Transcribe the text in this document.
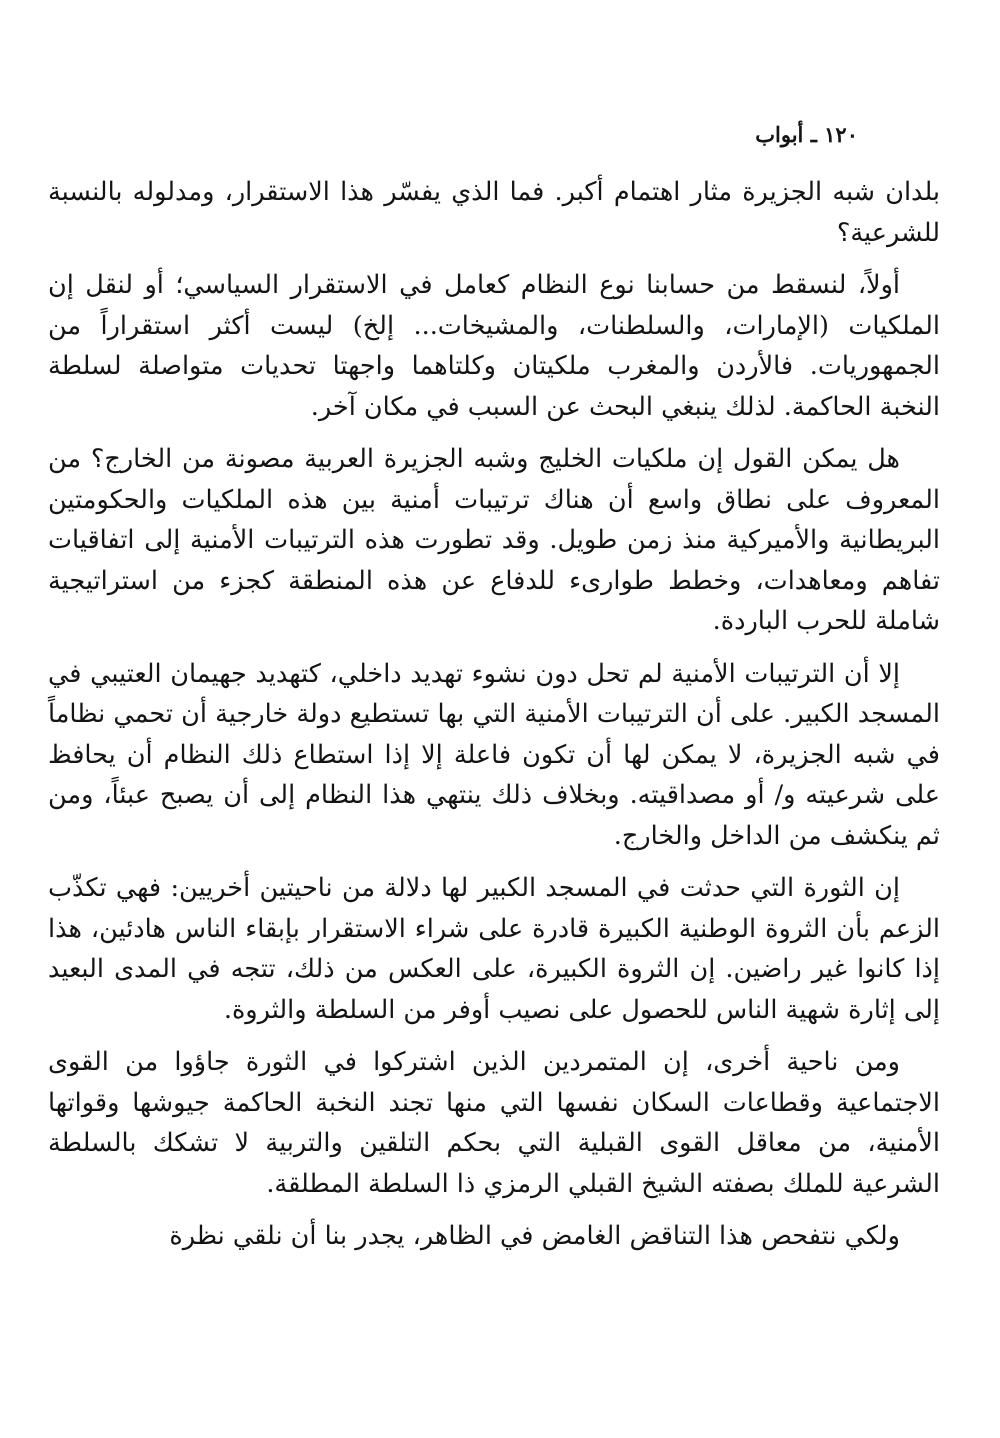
١٢٠ ـ أبواب

بلدان شبه الجزيرة مثار اهتمام أكبر. فما الذي يفسّر هذا الاستقرار، ومدلوله بالنسبة للشرعية؟

أولاً، لنسقط من حسابنا نوع النظام كعامل في الاستقرار السياسي؛ أو لنقل إن الملكيات (الإمارات، والسلطنات، والمشيخات... إلخ) ليست أكثر استقراراً من الجمهوريات. فالأردن والمغرب ملكيتان وكلتاهما واجهتا تحديات متواصلة لسلطة النخبة الحاكمة. لذلك ينبغي البحث عن السبب في مكان آخر.

هل يمكن القول إن ملكيات الخليج وشبه الجزيرة العربية مصونة من الخارج؟ من المعروف على نطاق واسع أن هناك ترتيبات أمنية بين هذه الملكيات والحكومتين البريطانية والأميركية منذ زمن طويل. وقد تطورت هذه الترتيبات الأمنية إلى اتفاقيات تفاهم ومعاهدات، وخطط طوارىء للدفاع عن هذه المنطقة كجزء من استراتيجية شاملة للحرب الباردة.

إلا أن الترتيبات الأمنية لم تحل دون نشوء تهديد داخلي، كتهديد جهيمان العتيبي في المسجد الكبير. على أن الترتيبات الأمنية التي بها تستطيع دولة خارجية أن تحمي نظاماً في شبه الجزيرة، لا يمكن لها أن تكون فاعلة إلا إذا استطاع ذلك النظام أن يحافظ على شرعيته و/ أو مصداقيته. وبخلاف ذلك ينتهي هذا النظام إلى أن يصبح عبئاً، ومن ثم ينكشف من الداخل والخارج.

إن الثورة التي حدثت في المسجد الكبير لها دلالة من ناحيتين أخريين: فهي تكذّب الزعم بأن الثروة الوطنية الكبيرة قادرة على شراء الاستقرار بإبقاء الناس هادئين، هذا إذا كانوا غير راضين. إن الثروة الكبيرة، على العكس من ذلك، تتجه في المدى البعيد إلى إثارة شهية الناس للحصول على نصيب أوفر من السلطة والثروة.

ومن ناحية أخرى، إن المتمردين الذين اشتركوا في الثورة جاؤوا من القوى الاجتماعية وقطاعات السكان نفسها التي منها تجند النخبة الحاكمة جيوشها وقواتها الأمنية، من معاقل القوى القبلية التي بحكم التلقين والتربية لا تشكك بالسلطة الشرعية للملك بصفته الشيخ القبلي الرمزي ذا السلطة المطلقة.

ولكي نتفحص هذا التناقض الغامض في الظاهر، يجدر بنا أن نلقي نظرة
